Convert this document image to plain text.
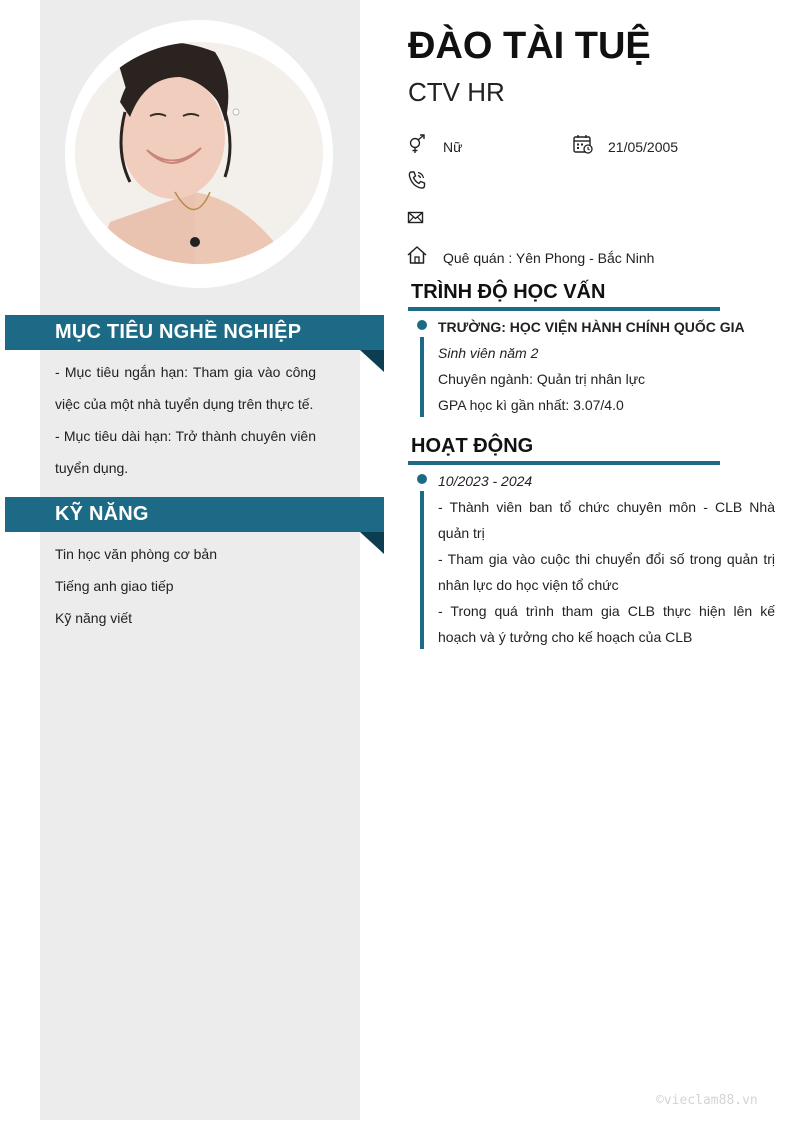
MỤC TIÊU NGHỀ NGHIỆP

- Mục tiêu ngắn hạn: Tham gia vào công việc của một nhà tuyển dụng trên thực tế.

- Mục tiêu dài hạn: Trở thành chuyên viên tuyển dụng.

KỸ NĂNG
Tin học văn phòng cơ bản
Tiếng anh giao tiếp
Kỹ năng viết
ĐÀO TÀI TUỆ
CTV HR
Nữ	21/05/2005
Quê quán : Yên Phong - Bắc Ninh
TRÌNH ĐỘ HỌC VẤN
TRƯỜNG: HỌC VIỆN HÀNH CHÍNH QUỐC GIA
Sinh viên năm 2
Chuyên ngành: Quản trị nhân lực
GPA học kì gần nhất: 3.07/4.0
HOẠT ĐỘNG
10/2023 - 2024
- Thành viên ban tổ chức chuyên môn - CLB Nhà quản trị
- Tham gia vào cuộc thi chuyển đổi số trong quản trị nhân lực do học viện tổ chức
- Trong quá trình tham gia CLB thực hiện lên kế hoạch và ý tưởng cho kế hoạch của CLB
©vieclam88.vn
